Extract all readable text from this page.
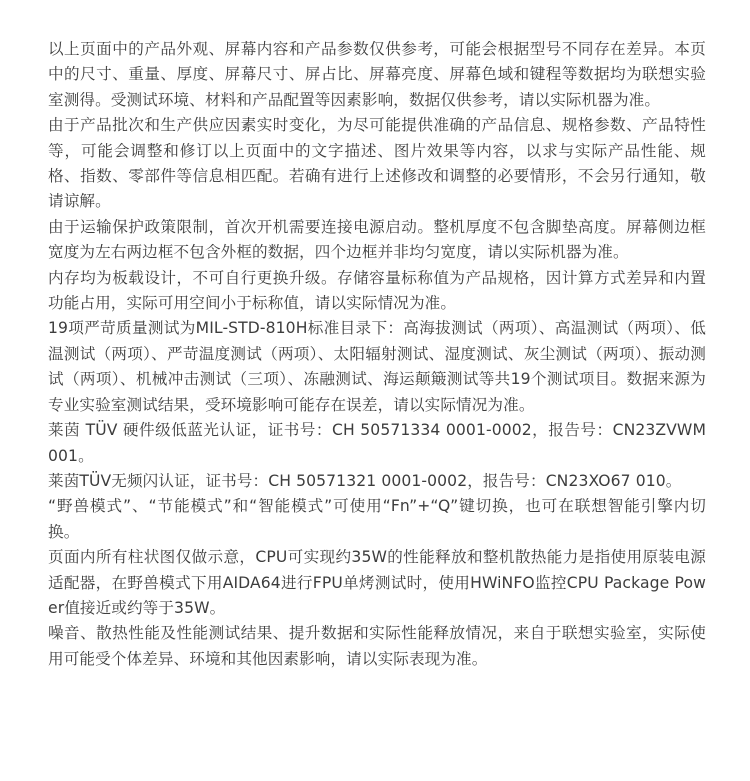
以上页面中的产品外观、屏幕内容和产品参数仅供参考，可能会根据型号不同存在差异。本页中的尺寸、重量、厚度、屏幕尺寸、屏占比、屏幕亮度、屏幕色域和键程等数据均为联想实验室测得。受测试环境、材料和产品配置等因素影响，数据仅供参考，请以实际机器为准。

由于产品批次和生产供应因素实时变化，为尽可能提供准确的产品信息、规格参数、产品特性等，可能会调整和修订以上页面中的文字描述、图片效果等内容，以求与实际产品性能、规格、指数、零部件等信息相匹配。若确有进行上述修改和调整的必要情形，不会另行通知，敬请谅解。

由于运输保护政策限制，首次开机需要连接电源启动。整机厚度不包含脚垫高度。屏幕侧边框宽度为左右两边框不包含外框的数据，四个边框并非均匀宽度，请以实际机器为准。

内存均为板载设计，不可自行更换升级。存储容量标称值为产品规格，因计算方式差异和内置功能占用，实际可用空间小于标称值，请以实际情况为准。

19项严苛质量测试为MIL-STD-810H标准目录下：高海拔测试（两项）、高温测试（两项）、低温测试（两项）、严苛温度测试（两项）、太阳辐射测试、湿度测试、灰尘测试（两项）、振动测试（两项）、机械冲击测试（三项）、冻融测试、海运颠簸测试等共19个测试项目。数据来源为专业实验室测试结果，受环境影响可能存在误差，请以实际情况为准。

莱茵 TÜV 硬件级低蓝光认证，证书号：CH 50571334 0001-0002，报告号：CN23ZVWM 001。

莱茵TÜV无频闪认证，证书号：CH 50571321 0001-0002，报告号：CN23XO67 010。

“野兽模式”、“节能模式”和“智能模式”可使用“Fn”+“Q”键切换，也可在联想智能引擎内切换。

页面内所有柱状图仅做示意，CPU可实现约35W的性能释放和整机散热能力是指使用原装电源适配器，在野兽模式下用AIDA64进行FPU单烤测试时，使用HWiNFO监控CPU Package Power值接近或约等于35W。

噪音、散热性能及性能测试结果、提升数据和实际性能释放情况，来自于联想实验室，实际使用可能受个体差异、环境和其他因素影响，请以实际表现为准。
